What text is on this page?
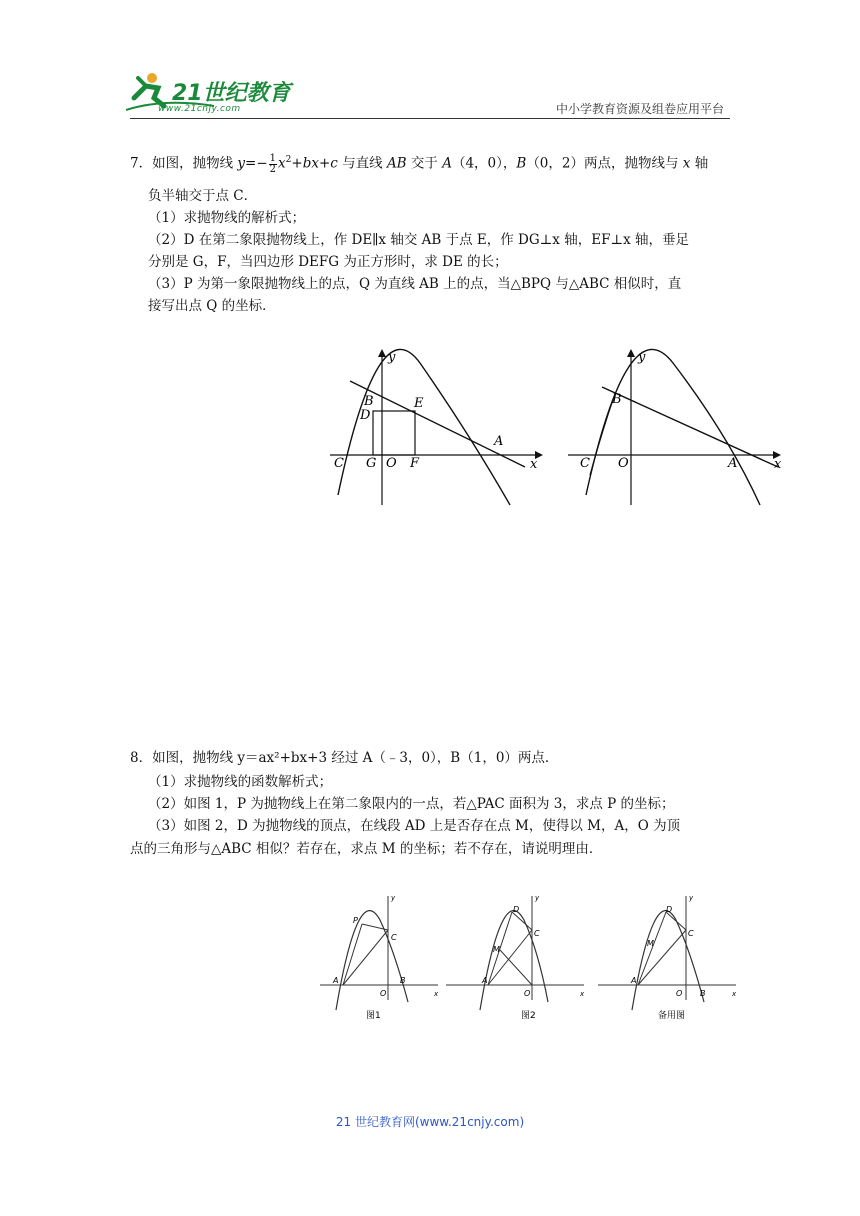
21世纪教育
www.21cnjy.com	中小学教育资源及组卷应用平台
7．如图，抛物线 $y=- \frac{1}{2} x^2+bx+c$ 与直线 AB 交于 A（4，0），B（0，2）两点，抛物线与 x 轴
负半轴交于点 C．
（1）求抛物线的解析式；
（2）D 在第二象限抛物线上，作 DE∥x 轴交 AB 于点 E，作 DG⊥x 轴，EF⊥x 轴，垂足
分别是 G，F，当四边形 DEFG 为正方形时，求 DE 的长；
（3）P 为第一象限抛物线上的点，Q 为直线 AB 上的点，当△BPQ 与△ABC 相似时，直
接写出点 Q 的坐标．
x
y
B
D
E
A
C G O F	x
y
B
A
C O
8．如图，抛物线 y＝ax²+bx+3 经过 A（﹣3，0），B（1，0）两点．
（1）求抛物线的函数解析式；
（2）如图 1，P 为抛物线上在第二象限内的一点，若△PAC 面积为 3，求点 P 的坐标；
（3）如图 2，D 为抛物线的顶点，在线段 AD 上是否存在点 M，使得以 M，A，O 为顶
点的三角形与△ABC 相似？若存在，求点 M 的坐标；若不存在，请说明理由．
P
C
A
O
B
x
y
图1
D
M
C
A
O	x
y
图2
D
M
C
A
O B	x
y
备用图
21 世纪教育网(www.21cnjy.com)
